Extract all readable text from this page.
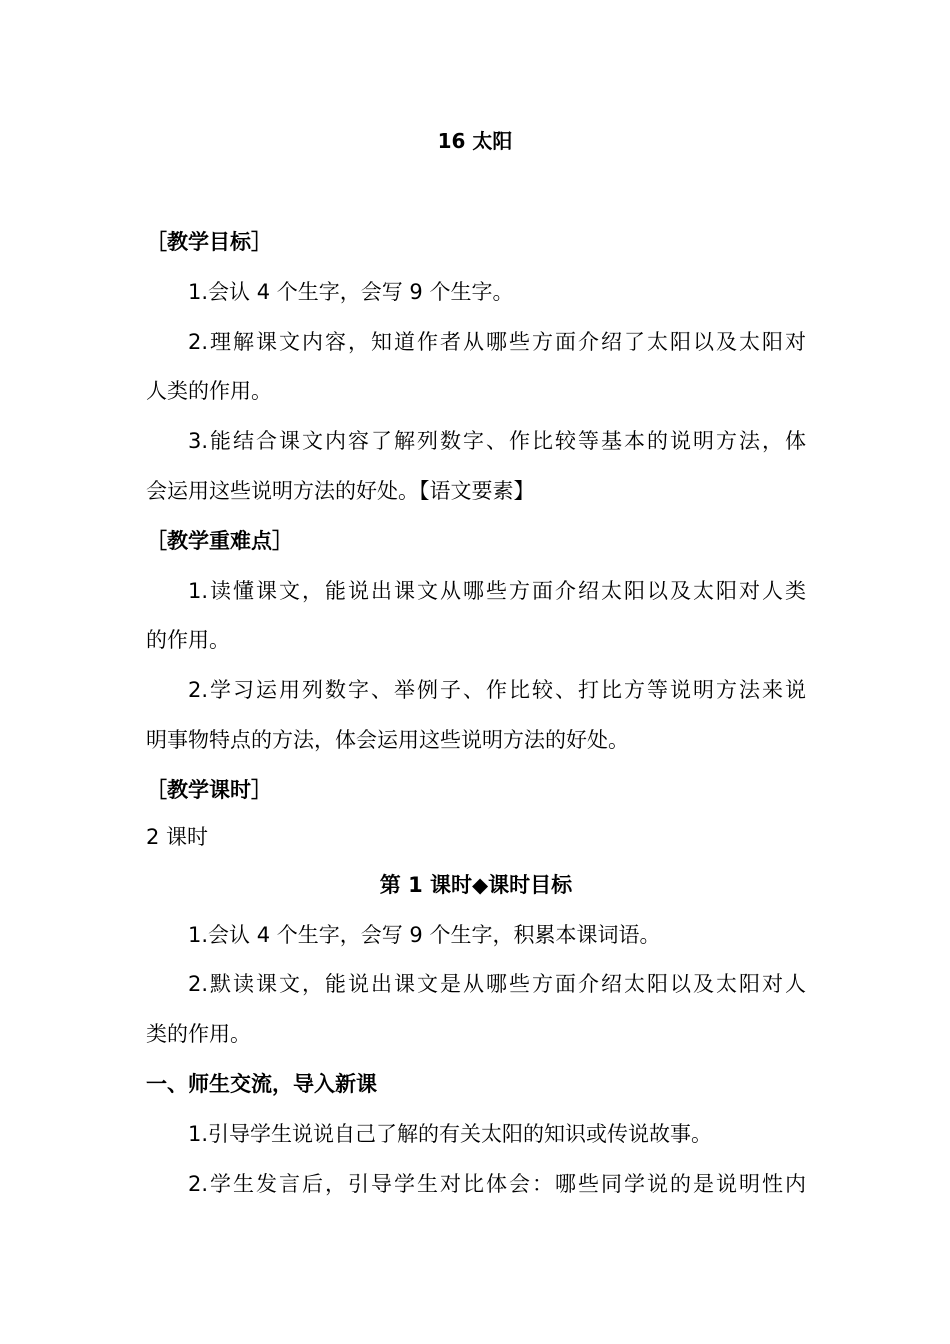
16 太阳
［教学目标］
1.会认 4 个生字，会写 9 个生字。
2.理解课文内容，知道作者从哪些方面介绍了太阳以及太阳对
人类的作用。
3.能结合课文内容了解列数字、作比较等基本的说明方法，体
会运用这些说明方法的好处。【语文要素】
［教学重难点］
1.读懂课文，能说出课文从哪些方面介绍太阳以及太阳对人类
的作用。
2.学习运用列数字、举例子、作比较、打比方等说明方法来说
明事物特点的方法，体会运用这些说明方法的好处。
［教学课时］
2 课时
第 1 课时◆课时目标
1.会认 4 个生字，会写 9 个生字，积累本课词语。
2.默读课文，能说出课文是从哪些方面介绍太阳以及太阳对人
类的作用。
一、师生交流，导入新课
1.引导学生说说自己了解的有关太阳的知识或传说故事。
2.学生发言后，引导学生对比体会：哪些同学说的是说明性内
